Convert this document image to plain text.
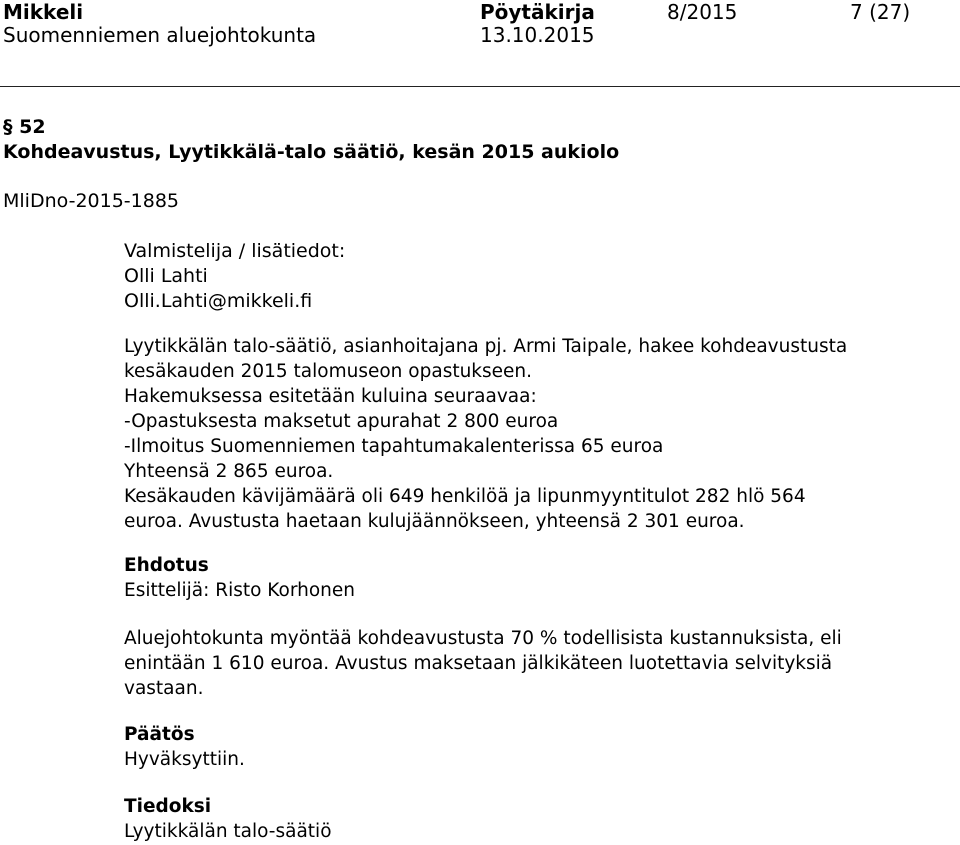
Mikkeli
Suomenniemen aluejohtokunta
Pöytäkirja
13.10.2015
8/2015	7 (27)
§ 52
Kohdeavustus, Lyytikkälä-talo säätiö, kesän 2015 aukiolo
MliDno-2015-1885
Valmistelija / lisätiedot:
Olli Lahti
Olli.Lahti@mikkeli.fi
Lyytikkälän talo-säätiö, asianhoitajana pj. Armi Taipale, hakee kohdeavustusta
kesäkauden 2015 talomuseon opastukseen.
Hakemuksessa esitetään kuluina seuraavaa:
-Opastuksesta maksetut apurahat 2 800 euroa
-Ilmoitus Suomenniemen tapahtumakalenterissa 65 euroa
Yhteensä 2 865 euroa.
Kesäkauden kävijämäärä oli 649 henkilöä ja lipunmyyntitulot 282 hlö 564
euroa. Avustusta haetaan kulujäännökseen, yhteensä 2 301 euroa.
Ehdotus
Esittelijä: Risto Korhonen
Aluejohtokunta myöntää kohdeavustusta 70 % todellisista kustannuksista, eli
enintään 1 610 euroa. Avustus maksetaan jälkikäteen luotettavia selvityksiä
vastaan.
Päätös
Hyväksyttiin.
Tiedoksi
Lyytikkälän talo-säätiö
